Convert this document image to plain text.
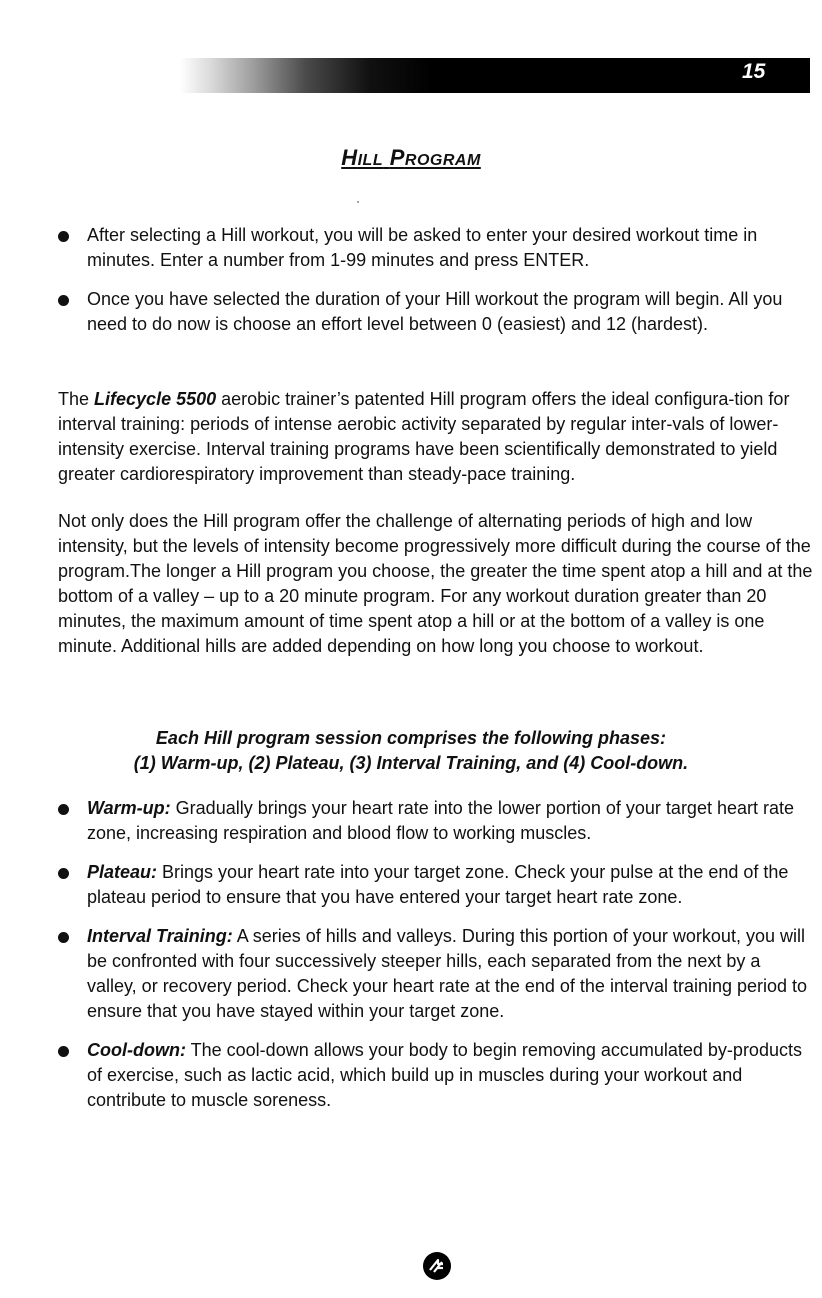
15
HILL PROGRAM
After selecting a Hill workout, you will be asked to enter your desired workout time in minutes. Enter a number from 1-99 minutes and press ENTER.
Once you have selected the duration of your Hill workout the program will begin. All you need to do now is choose an effort level between 0 (easiest) and 12 (hardest).
The Lifecycle 5500 aerobic trainer’s patented Hill program offers the ideal configura-tion for interval training: periods of intense aerobic activity separated by regular inter-vals of lower-intensity exercise. Interval training programs have been scientifically demonstrated to yield greater cardiorespiratory improvement than steady-pace training.
Not only does the Hill program offer the challenge of alternating periods of high and low intensity, but the levels of intensity become progressively more difficult during the course of the program.The longer a Hill program you choose, the greater the time spent atop a hill and at the bottom of a valley – up to a 20 minute program. For any workout duration greater than 20 minutes, the maximum amount of time spent atop a hill or at the bottom of a valley is one minute. Additional hills are added depending on how long you choose to workout.
Each Hill program session comprises the following phases:
(1) Warm-up, (2) Plateau, (3) Interval Training, and (4) Cool-down.
Warm-up: Gradually brings your heart rate into the lower portion of your target heart rate zone, increasing respiration and blood flow to working muscles.
Plateau: Brings your heart rate into your target zone. Check your pulse at the end of the plateau period to ensure that you have entered your target heart rate zone.
Interval Training: A series of hills and valleys. During this portion of your workout, you will be confronted with four successively steeper hills, each separated from the next by a valley, or recovery period. Check your heart rate at the end of the interval training period to ensure that you have stayed within your target zone.
Cool-down: The cool-down allows your body to begin removing accumulated by-products of exercise, such as lactic acid, which build up in muscles during your workout and contribute to muscle soreness.
